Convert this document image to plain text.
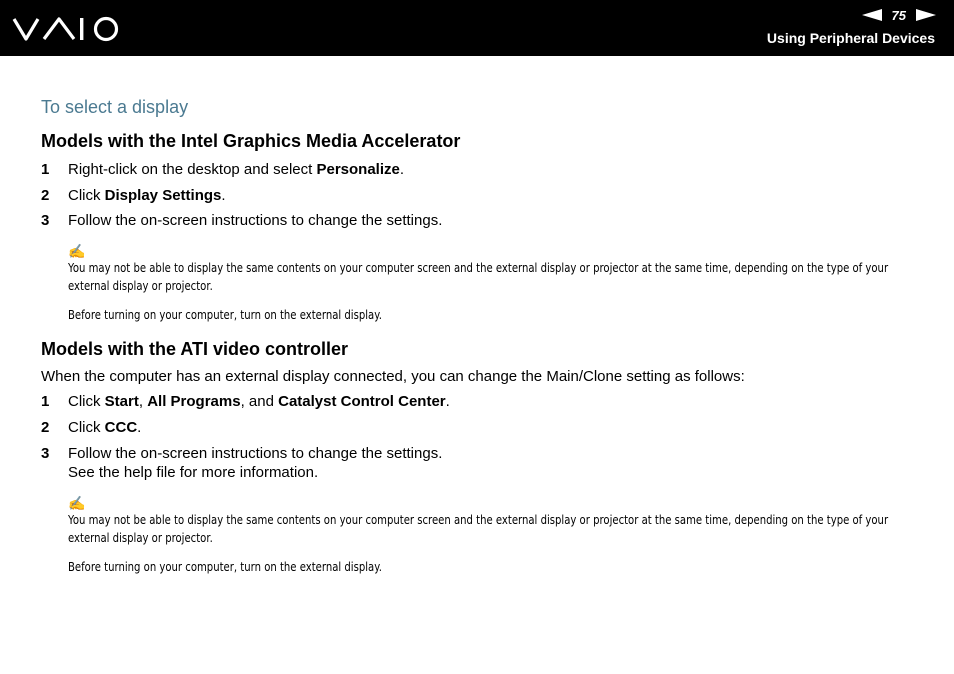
75
Using Peripheral Devices
To select a display
Models with the Intel Graphics Media Accelerator
1 Right-click on the desktop and select Personalize.
2 Click Display Settings.
3 Follow the on-screen instructions to change the settings.
✍
You may not be able to display the same contents on your computer screen and the external display or projector at the same time, depending on the type of your external display or projector.
Before turning on your computer, turn on the external display.
Models with the ATI video controller
When the computer has an external display connected, you can change the Main/Clone setting as follows:
1 Click Start, All Programs, and Catalyst Control Center.
2 Click CCC.
3 Follow the on-screen instructions to change the settings.
See the help file for more information.
✍
You may not be able to display the same contents on your computer screen and the external display or projector at the same time, depending on the type of your external display or projector.
Before turning on your computer, turn on the external display.
